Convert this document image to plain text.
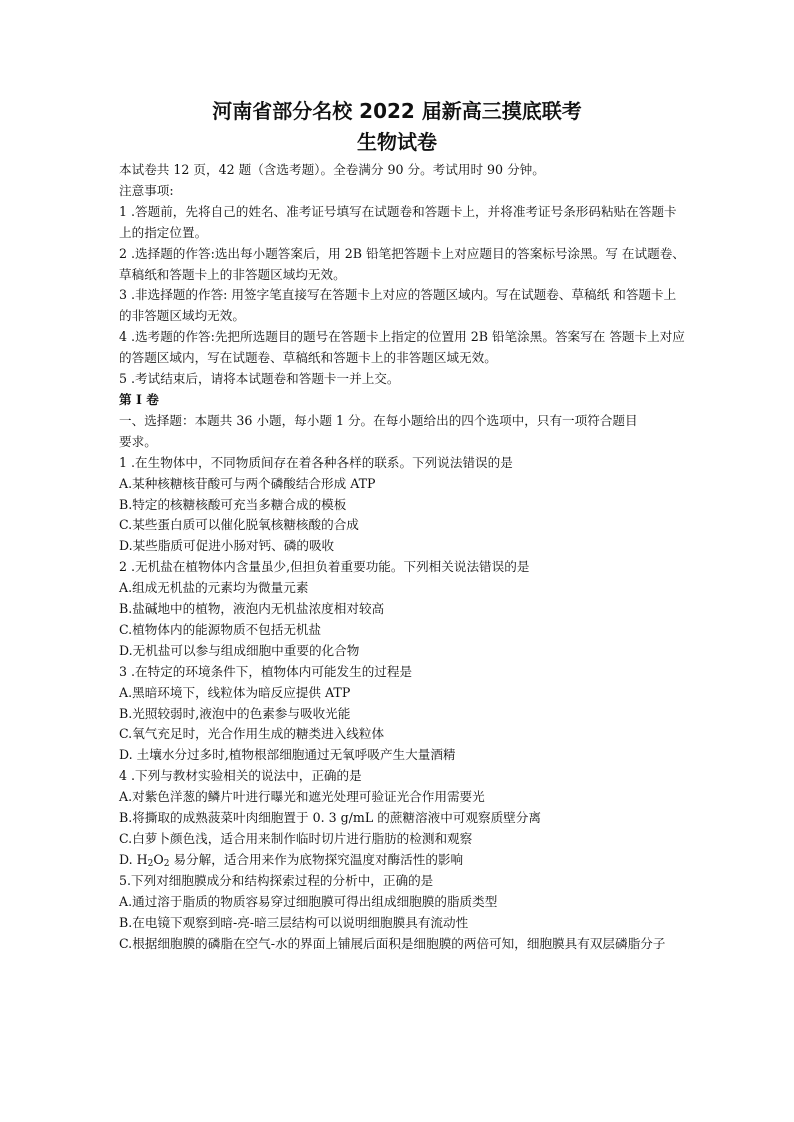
河南省部分名校 2022 届新高三摸底联考
生物试卷

本试卷共 12 页，42 题（含选考题）。全卷满分 90 分。考试用时 90 分钟。

注意事项:

1 .答题前，先将自己的姓名、准考证号填写在试题卷和答题卡上，并将准考证号条形码粘贴在答题卡上的指定位置。

2 .选择题的作答:选出每小题答案后，用 2B 铅笔把答题卡上对应题目的答案标号涂黑。写 在试题卷、草稿纸和答题卡上的非答题区域均无效。

3 .非选择题的作答: 用签字笔直接写在答题卡上对应的答题区域内。写在试题卷、草稿纸 和答题卡上的非答题区域均无效。

4 .选考题的作答:先把所选题目的题号在答题卡上指定的位置用 2B 铅笔涂黑。答案写在 答题卡上对应的答题区域内，写在试题卷、草稿纸和答题卡上的非答题区域无效。

5 .考试结束后，请将本试题卷和答题卡一并上交。

第 I 卷

一、选择题：本题共 36 小题，每小题 1 分。在每小题给出的四个选项中，只有一项符合题目

要求。

1 .在生物体中，不同物质间存在着各种各样的联系。下列说法错误的是

A.某种核糖核苷酸可与两个磷酸结合形成 ATP

B.特定的核糖核酸可充当多糖合成的模板

C.某些蛋白质可以催化脱氧核糖核酸的合成

D.某些脂质可促进小肠对钙、磷的吸收

2 .无机盐在植物体内含量虽少,但担负着重要功能。下列相关说法错误的是

A.组成无机盐的元素均为微量元素

B.盐碱地中的植物，液泡内无机盐浓度相对较高

C.植物体内的能源物质不包括无机盐

D.无机盐可以参与组成细胞中重要的化合物

3 .在特定的环境条件下，植物体内可能发生的过程是

A.黑暗环境下，线粒体为暗反应提供 ATP

B.光照较弱时,液泡中的色素参与吸收光能

C.氧气充足时，光合作用生成的糖类进入线粒体

D. 土壤水分过多时,植物根部细胞通过无氧呼吸产生大量酒精

4 .下列与教材实验相关的说法中，正确的是

A.对紫色洋葱的鳞片叶进行曝光和遮光处理可验证光合作用需要光

B.将撕取的成熟菠菜叶肉细胞置于 0. 3 g/mL 的蔗糖溶液中可观察质壁分离

C.白萝卜颜色浅，适合用来制作临时切片进行脂肪的检测和观察

D. $H_2O_2$ 易分解，适合用来作为底物探究温度对酶活性的影响

5.下列对细胞膜成分和结构探索过程的分析中，正确的是

A.通过溶于脂质的物质容易穿过细胞膜可得出组成细胞膜的脂质类型

B.在电镜下观察到暗-亮-暗三层结构可以说明细胞膜具有流动性

C.根据细胞膜的磷脂在空气-水的界面上铺展后面积是细胞膜的两倍可知，细胞膜具有双层磷脂分子
